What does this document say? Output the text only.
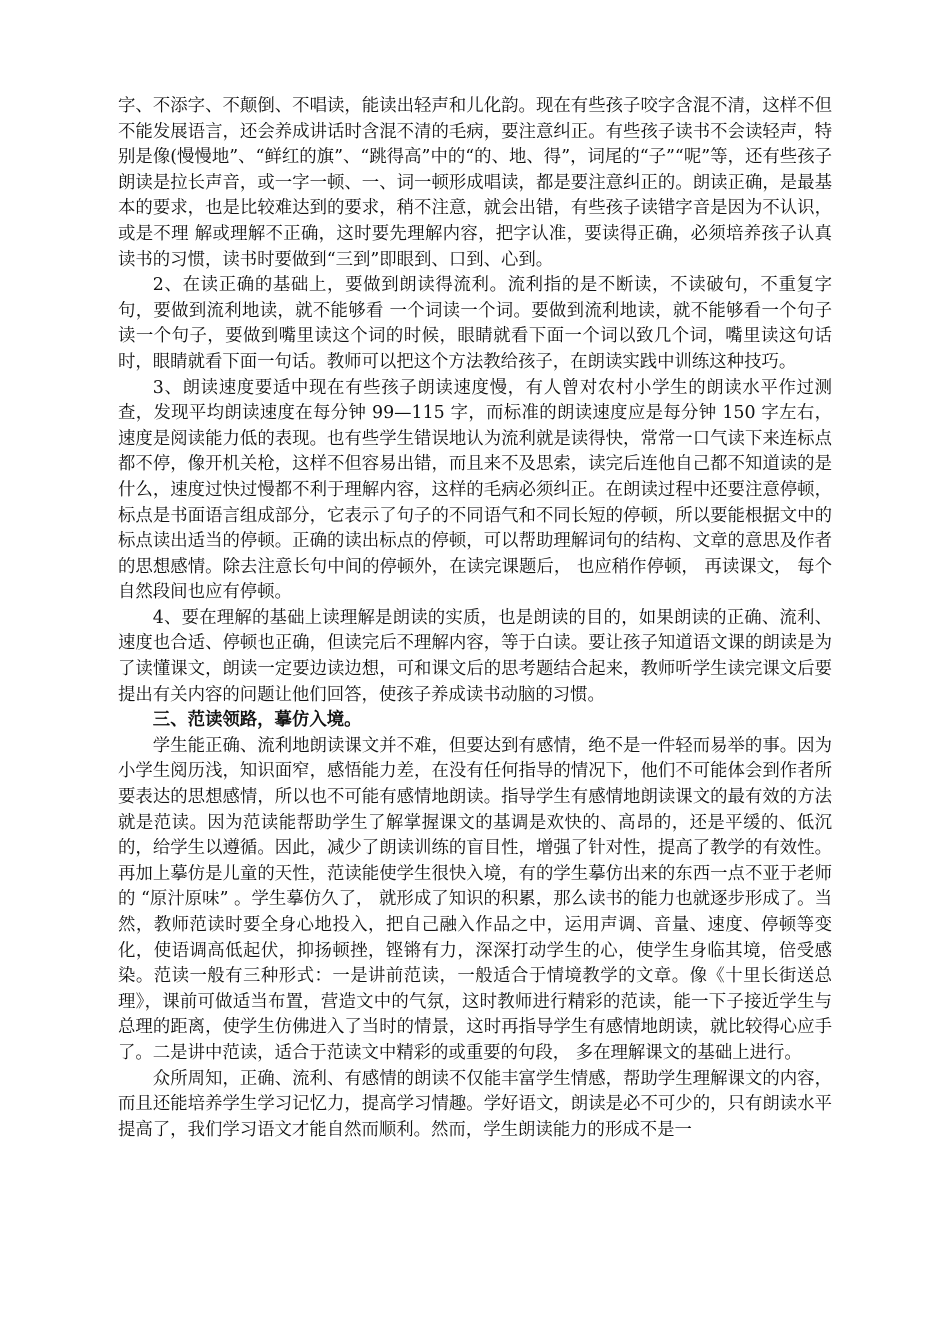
字、不添字、不颠倒、不唱读，能读出轻声和儿化韵。现在有些孩子咬字含混不清，这样不但不能发展语言，还会养成讲话时含混不清的毛病，要注意纠正。有些孩子读书不会读轻声，特别是像(慢慢地”、“鲜红的旗”、“跳得高”中的“的、地、得”，词尾的“子”“呢”等，还有些孩子朗读是拉长声音，或一字一顿、一、词一顿形成唱读，都是要注意纠正的。朗读正确，是最基本的要求，也是比较难达到的要求，稍不注意，就会出错，有些孩子读错字音是因为不认识，或是不理 解或理解不正确，这时要先理解内容，把字认准，要读得正确，必须培养孩子认真读书的习惯，读书时要做到“三到”即眼到、口到、心到。

2、在读正确的基础上，要做到朗读得流利。流利指的是不断读，不读破句，不重复字句，要做到流利地读，就不能够看 一个词读一个词。要做到流利地读，就不能够看一个句子读一个句子，要做到嘴里读这个词的时候，眼睛就看下面一个词以致几个词，嘴里读这句话时，眼睛就看下面一句话。教师可以把这个方法教给孩子，在朗读实践中训练这种技巧。

3、朗读速度要适中现在有些孩子朗读速度慢，有人曾对农村小学生的朗读水平作过测查，发现平均朗读速度在每分钟 99—115 字，而标准的朗读速度应是每分钟 150 字左右，速度是阅读能力低的表现。也有些学生错误地认为流利就是读得快，常常一口气读下来连标点都不停，像开机关枪，这样不但容易出错，而且来不及思索，读完后连他自己都不知道读的是什么，速度过快过慢都不利于理解内容，这样的毛病必须纠正。在朗读过程中还要注意停顿，标点是书面语言组成部分，它表示了句子的不同语气和不同长短的停顿，所以要能根据文中的标点读出适当的停顿。正确的读出标点的停顿，可以帮助理解词句的结构、文章的意思及作者的思想感情。除去注意长句中间的停顿外，在读完课题后， 也应稍作停顿， 再读课文， 每个自然段间也应有停顿。

4、要在理解的基础上读理解是朗读的实质，也是朗读的目的，如果朗读的正确、流利、速度也合适、停顿也正确，但读完后不理解内容，等于白读。要让孩子知道语文课的朗读是为了读懂课文，朗读一定要边读边想，可和课文后的思考题结合起来，教师听学生读完课文后要提出有关内容的问题让他们回答，使孩子养成读书动脑的习惯。

三、范读领路，摹仿入境。

学生能正确、流利地朗读课文并不难，但要达到有感情，绝不是一件轻而易举的事。因为小学生阅历浅，知识面窄，感悟能力差，在没有任何指导的情况下，他们不可能体会到作者所要表达的思想感情，所以也不可能有感情地朗读。指导学生有感情地朗读课文的最有效的方法就是范读。因为范读能帮助学生了解掌握课文的基调是欢快的、高昂的，还是平缓的、低沉的，给学生以遵循。因此，减少了朗读训练的盲目性，增强了针对性，提高了教学的有效性。再加上摹仿是儿童的天性，范读能使学生很快入境，有的学生摹仿出来的东西一点不亚于老师 的 “原汁原味” 。学生摹仿久了， 就形成了知识的积累，那么读书的能力也就逐步形成了。当然，教师范读时要全身心地投入，把自己融入作品之中，运用声调、音量、速度、停顿等变化，使语调高低起伏，抑扬顿挫，铿锵有力，深深打动学生的心，使学生身临其境，倍受感染。范读一般有三种形式：一是讲前范读，一般适合于情境教学的文章。像《十里长街送总理》，课前可做适当布置，营造文中的气氛，这时教师进行精彩的范读，能一下子接近学生与总理的距离，使学生仿佛进入了当时的情景，这时再指导学生有感情地朗读，就比较得心应手了。二是讲中范读，适合于范读文中精彩的或重要的句段， 多在理解课文的基础上进行。

众所周知，正确、流利、有感情的朗读不仅能丰富学生情感，帮助学生理解课文的内容，而且还能培养学生学习记忆力，提高学习情趣。学好语文，朗读是必不可少的，只有朗读水平提高了，我们学习语文才能自然而顺利。然而，学生朗读能力的形成不是一
